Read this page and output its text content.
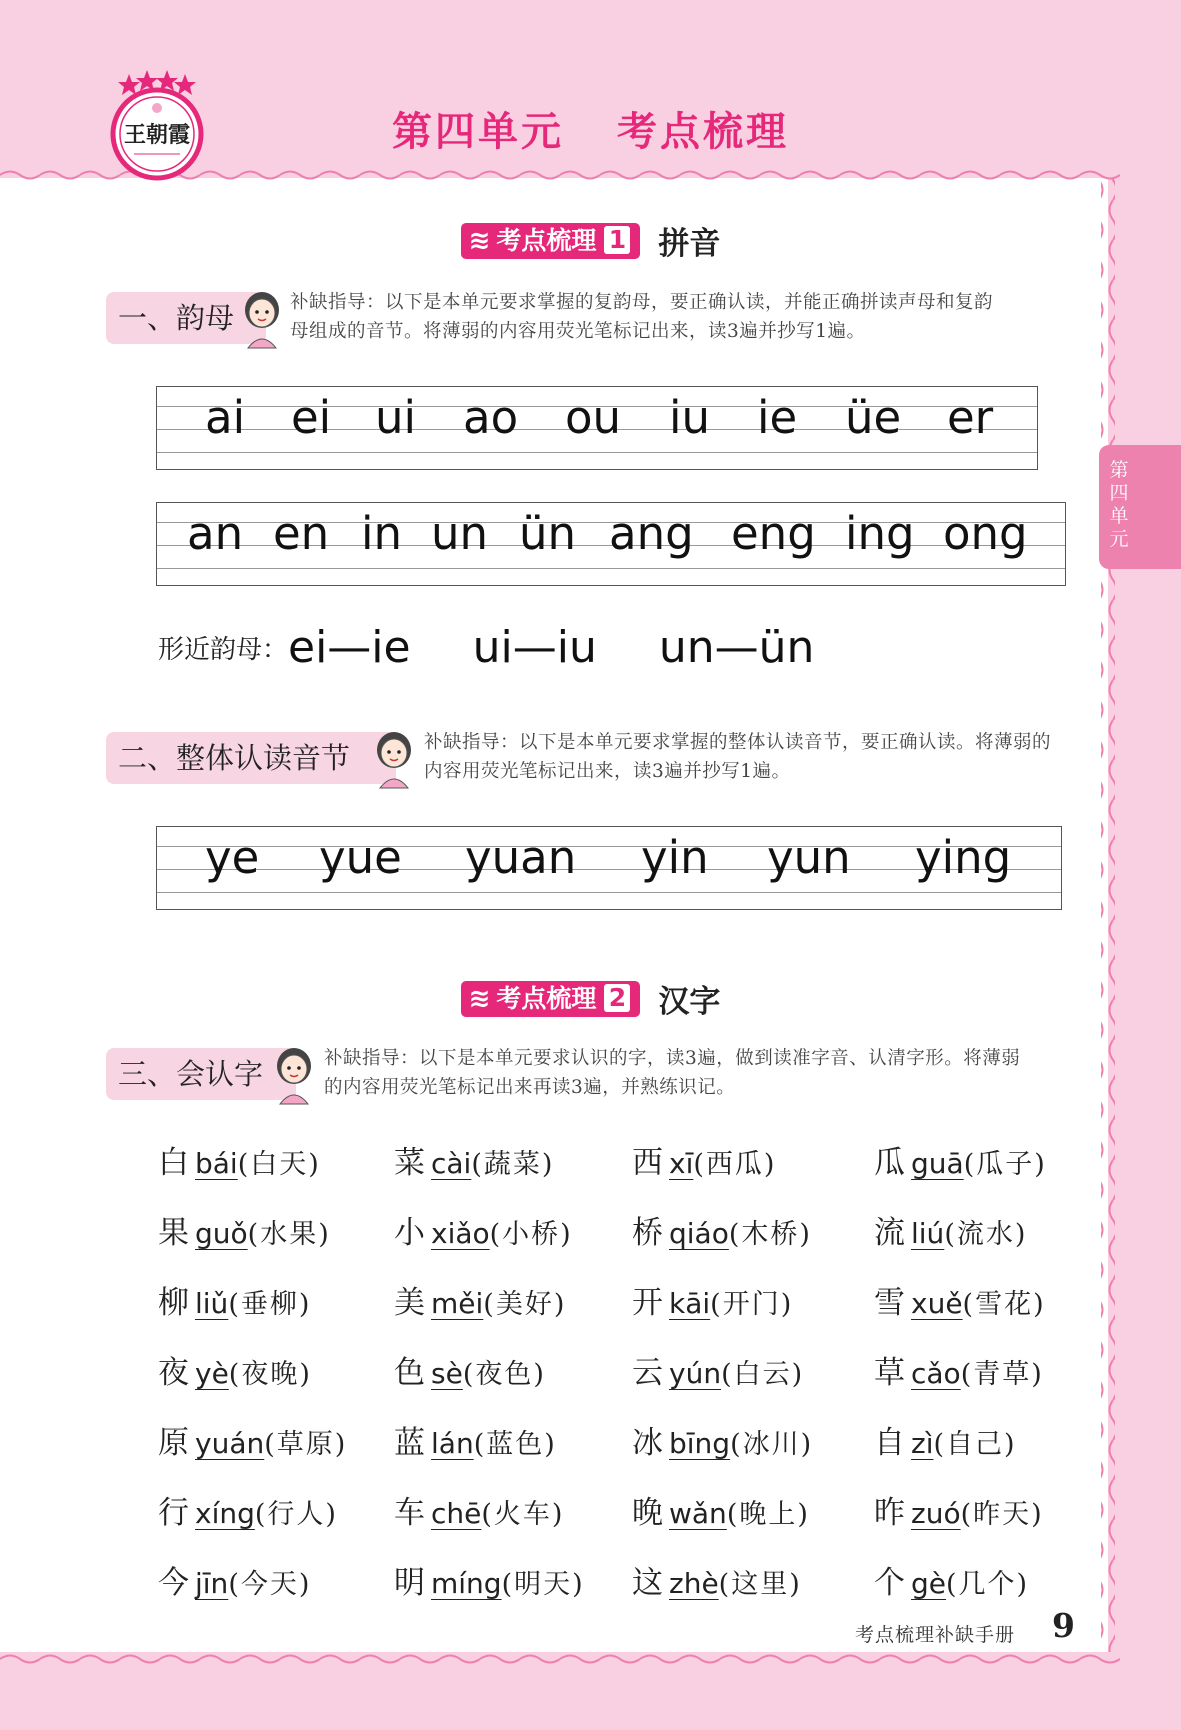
王朝霞	第四单元 考点梳理
第
四
单
元
≋ 考点梳理 1 拼音
一、韵母	补缺指导：以下是本单元要求掌握的复韵母，要正确认读，并能正确拼读声母和复韵
母组成的音节。将薄弱的内容用荧光笔标记出来，读3遍并抄写1遍。
ai ei ui ao ou iu ie üe er
an en in un ün ang eng ing ong
形近韵母：ei—ie ui—iu un—ün
二、整体认读音节	补缺指导：以下是本单元要求掌握的整体认读音节，要正确认读。将薄弱的
内容用荧光笔标记出来，读3遍并抄写1遍。
ye yue yuan yin yun ying
≋ 考点梳理 2 汉字
三、会认字	补缺指导：以下是本单元要求认识的字，读3遍，做到读准字音、认清字形。将薄弱
的内容用荧光笔标记出来再读3遍，并熟练识记。
白 bái(白天) 菜 cài(蔬菜)	西 xī(西瓜)	瓜 guā(瓜子)
果 guǒ(水果) 小 xiǎo(小桥) 桥 qiáo(木桥) 流 liú(流水)
柳 liǔ(垂柳)	美 měi(美好) 开 kāi(开门)	雪 xuě(雪花)
夜 yè(夜晚)	色 sè(夜色)	云 yún(白云) 草 cǎo(青草)
原 yuán(草原) 蓝 lán(蓝色) 冰 bīng(冰川) 自 zì(自己)
行 xíng(行人) 车 chē(火车) 晚 wǎn(晚上) 昨 zuó(昨天)
今 jīn(今天)	明 míng(明天) 这 zhè(这里) 个 gè(几个)
考点梳理补缺手册 9
